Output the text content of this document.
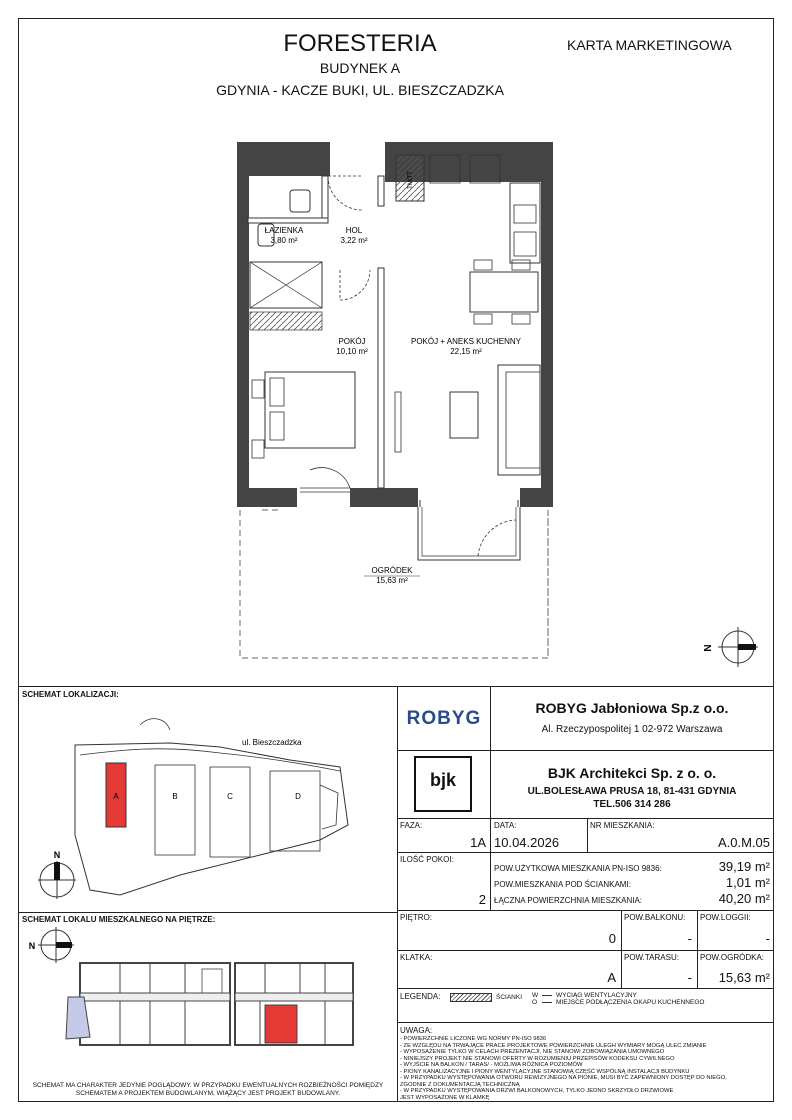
FORESTERIA
BUDYNEK A
GDYNIA - KACZE BUKI, UL. BIESZCZADZKA
KARTA MARKETINGOWA
TM/TT
ŁAZIENKA
3,80 m²
HOL
3,22 m²
POKÓJ
10,10 m²
POKÓJ + ANEKS KUCHENNY
22,15 m²
OGRÓDEK
15,63 m²
N
SCHEMAT LOKALIZACJI:
ul. Bieszczadzka
A	B	C	D
N
SCHEMAT LOKALU MIESZKALNEGO NA PIĘTRZE:
N
SCHEMAT MA CHARAKTER JEDYNIE POGLĄDOWY. W PRZYPADKU EWENTUALNYCH ROZBIEŻNOŚCI POMIĘDZY
SCHEMATEM A PROJEKTEM BUDOWLANYM, WIĄŻĄCY JEST PROJEKT BUDOWLANY.
ROBYG	ROBYG Jabłoniowa Sp.z o.o.
Al. Rzeczypospolitej 1 02-972 Warszawa
bjk	BJK Architekci Sp. z o. o.
UL.BOLESŁAWA PRUSA 18, 81-431 GDYNIA
TEL.506 314 286
FAZA:
1A
DATA:
10.04.2026
NR MIESZKANIA:
A.0.M.05
ILOŚĆ POKOI:
2
POW.UŻYTKOWA MIESZKANIA PN-ISO 9836:	39,19 m²
POW.MIESZKANIA POD ŚCIANKAMI:	1,01 m²
ŁĄCZNA POWIERZCHNIA MIESZKANIA:	40,20 m²
PIĘTRO:
0
POW.BALKONU:
-
POW.LOGGII:
-
KLATKA:
A
POW.TARASU:
-
POW.OGRÓDKA:
15,63 m²
LEGENDA:	ŚCIANKI W
O
WYCIĄG WENTYLACYJNY
MIEJSCE PODŁĄCZENIA OKAPU KUCHENNEGO
UWAGA:
- POWIERZCHNIE LICZONE WG NORMY PN-ISO 9836
- ZE WZGLĘDU NA TRWAJĄCE PRACE PROJEKTOWE POWIERZCHNIE ULEGH WYMIARY MOGĄ ULEC ZMIANIE
- WYPOSAŻENIE TYLKO W CELACH PREZENTACJI, NIE STANOWI ZOBOWIĄZANIA UMOWNEGO
- NINIEJSZY PROJEKT NIE STANOWI OFERTY W ROZUMIENIU PRZEPISÓW KODEKSU CYWILNEGO
- WYJŚCIE NA BALKON / TARAS/ - MOŻLIWA RÓŻNICA POZIOMÓW
- PIONY KANALIZACYJNE I PIONY WENTYLACYJNE STANOWIĄ CZĘŚĆ WSPÓLNĄ INSTALACJI BUDYNKU
- W PRZYPADKU WYSTĘPOWANIA OTWORU REWIZYJNEGO NA PIONIE, MUSI BYĆ ZAPEWNIONY DOSTĘP DO NIEGO,
ZGODNIE Z DOKUMENTACJĄ TECHNICZNĄ
- W PRZYPADKU WYSTĘPOWANIA DRZWI BALKONOWYCH, TYLKO JEDNO SKRZYDŁO DRZWIOWE
JEST WYPOSAŻONE W KLAMKĘ
